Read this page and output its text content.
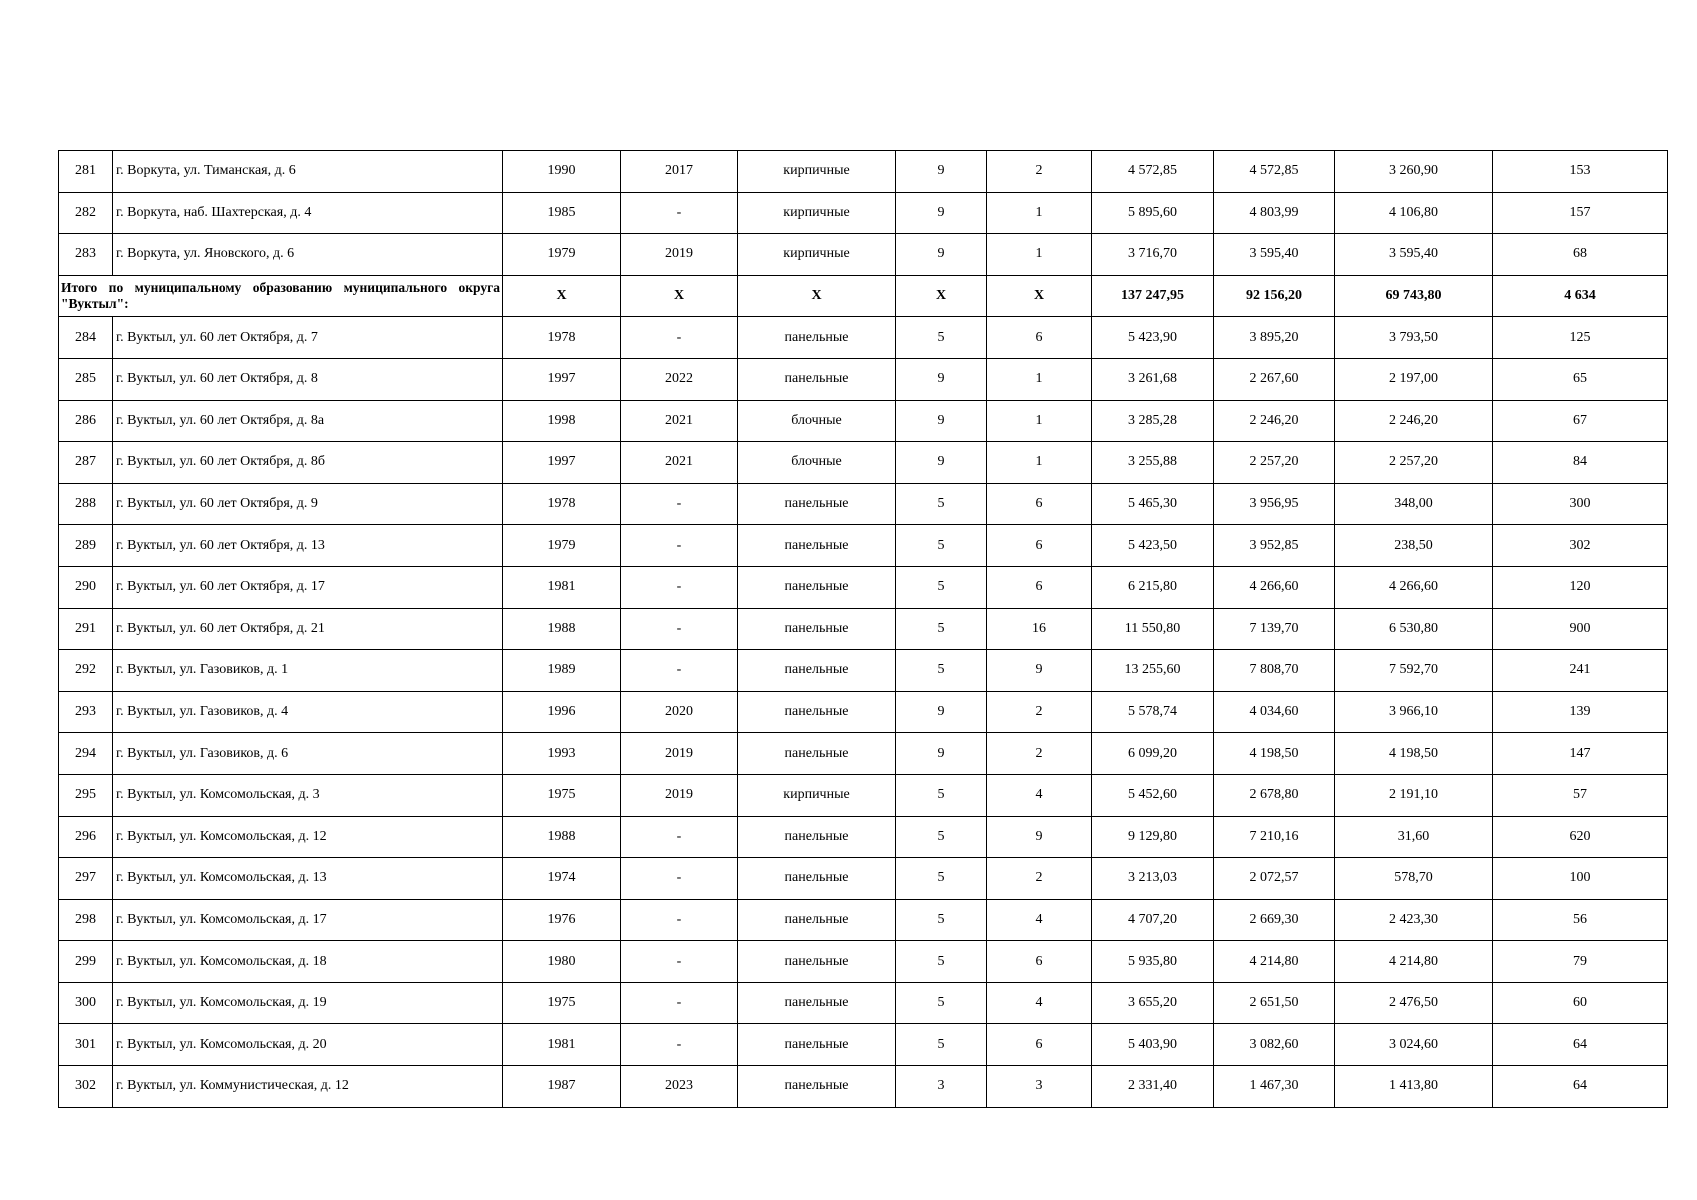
281	г. Воркута, ул. Тиманская, д. 6	1990	2017	кирпичные	9	2	4 572,85	4 572,85	3 260,90	153
282	г. Воркута, наб. Шахтерская, д. 4	1985	-	кирпичные	9	1	5 895,60	4 803,99	4 106,80	157
283	г. Воркута, ул. Яновского, д. 6	1979	2019	кирпичные	9	1	3 716,70	3 595,40	3 595,40	68
Итого по муниципальному образованию муниципального округа "Вуктыл":		X	X	X	X	X	137 247,95	92 156,20	69 743,80	4 634
284	г. Вуктыл, ул. 60 лет Октября, д. 7	1978	-	панельные	5	6	5 423,90	3 895,20	3 793,50	125
285	г. Вуктыл, ул. 60 лет Октября, д. 8	1997	2022	панельные	9	1	3 261,68	2 267,60	2 197,00	65
286	г. Вуктыл, ул. 60 лет Октября, д. 8а	1998	2021	блочные	9	1	3 285,28	2 246,20	2 246,20	67
287	г. Вуктыл, ул. 60 лет Октября, д. 8б	1997	2021	блочные	9	1	3 255,88	2 257,20	2 257,20	84
288	г. Вуктыл, ул. 60 лет Октября, д. 9	1978	-	панельные	5	6	5 465,30	3 956,95	348,00	300
289	г. Вуктыл, ул. 60 лет Октября, д. 13	1979	-	панельные	5	6	5 423,50	3 952,85	238,50	302
290	г. Вуктыл, ул. 60 лет Октября, д. 17	1981	-	панельные	5	6	6 215,80	4 266,60	4 266,60	120
291	г. Вуктыл, ул. 60 лет Октября, д. 21	1988	-	панельные	5	16	11 550,80	7 139,70	6 530,80	900
292	г. Вуктыл, ул. Газовиков, д. 1	1989	-	панельные	5	9	13 255,60	7 808,70	7 592,70	241
293	г. Вуктыл, ул. Газовиков, д. 4	1996	2020	панельные	9	2	5 578,74	4 034,60	3 966,10	139
294	г. Вуктыл, ул. Газовиков, д. 6	1993	2019	панельные	9	2	6 099,20	4 198,50	4 198,50	147
295	г. Вуктыл, ул. Комсомольская, д. 3	1975	2019	кирпичные	5	4	5 452,60	2 678,80	2 191,10	57
296	г. Вуктыл, ул. Комсомольская, д. 12	1988	-	панельные	5	9	9 129,80	7 210,16	31,60	620
297	г. Вуктыл, ул. Комсомольская, д. 13	1974	-	панельные	5	2	3 213,03	2 072,57	578,70	100
298	г. Вуктыл, ул. Комсомольская, д. 17	1976	-	панельные	5	4	4 707,20	2 669,30	2 423,30	56
299	г. Вуктыл, ул. Комсомольская, д. 18	1980	-	панельные	5	6	5 935,80	4 214,80	4 214,80	79
300	г. Вуктыл, ул. Комсомольская, д. 19	1975	-	панельные	5	4	3 655,20	2 651,50	2 476,50	60
301	г. Вуктыл, ул. Комсомольская, д. 20	1981	-	панельные	5	6	5 403,90	3 082,60	3 024,60	64
302	г. Вуктыл, ул. Коммунистическая, д. 12	1987	2023	панельные	3	3	2 331,40	1 467,30	1 413,80	64
